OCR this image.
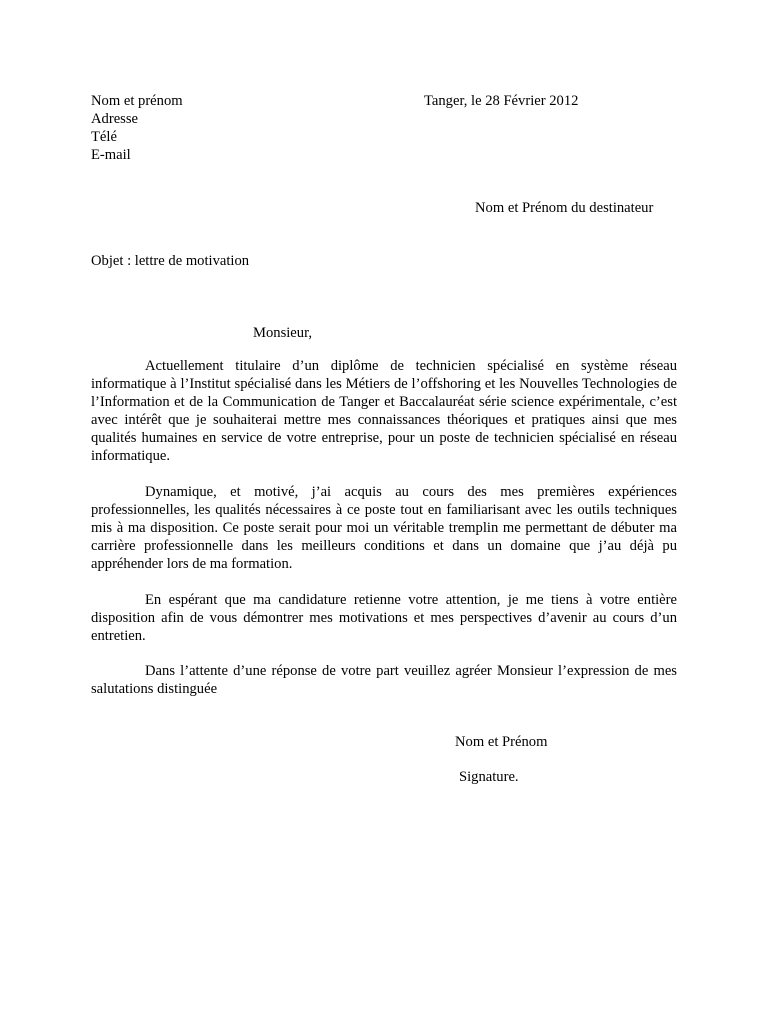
Nom et prénom
Adresse
Télé
E-mail
Tanger, le 28 Février 2012
Nom et Prénom du destinateur
Objet : lettre de motivation
Monsieur,

Actuellement titulaire d’un diplôme de technicien spécialisé en système réseau informatique à l’Institut spécialisé dans les Métiers de l’offshoring et les Nouvelles Technologies de l’Information et de la Communication de Tanger et Baccalauréat série science expérimentale, c’est avec intérêt que je souhaiterai mettre mes connaissances théoriques et pratiques ainsi que mes qualités humaines en service de votre entreprise, pour un poste de technicien spécialisé en réseau informatique.

Dynamique, et motivé, j’ai acquis au cours des mes premières expériences professionnelles, les qualités nécessaires à ce poste tout en familiarisant avec les outils techniques mis à ma disposition. Ce poste serait pour moi un véritable tremplin me permettant de débuter ma carrière professionnelle dans les meilleurs conditions et dans un domaine que j’au déjà pu appréhender lors de ma formation.

En espérant que ma candidature retienne votre attention, je me tiens à votre entière disposition afin de vous démontrer mes motivations et mes perspectives d’avenir au cours d’un entretien.

Dans l’attente d’une réponse de votre part veuillez agréer Monsieur l’expression de mes salutations distinguée

Nom et Prénom
Signature.
